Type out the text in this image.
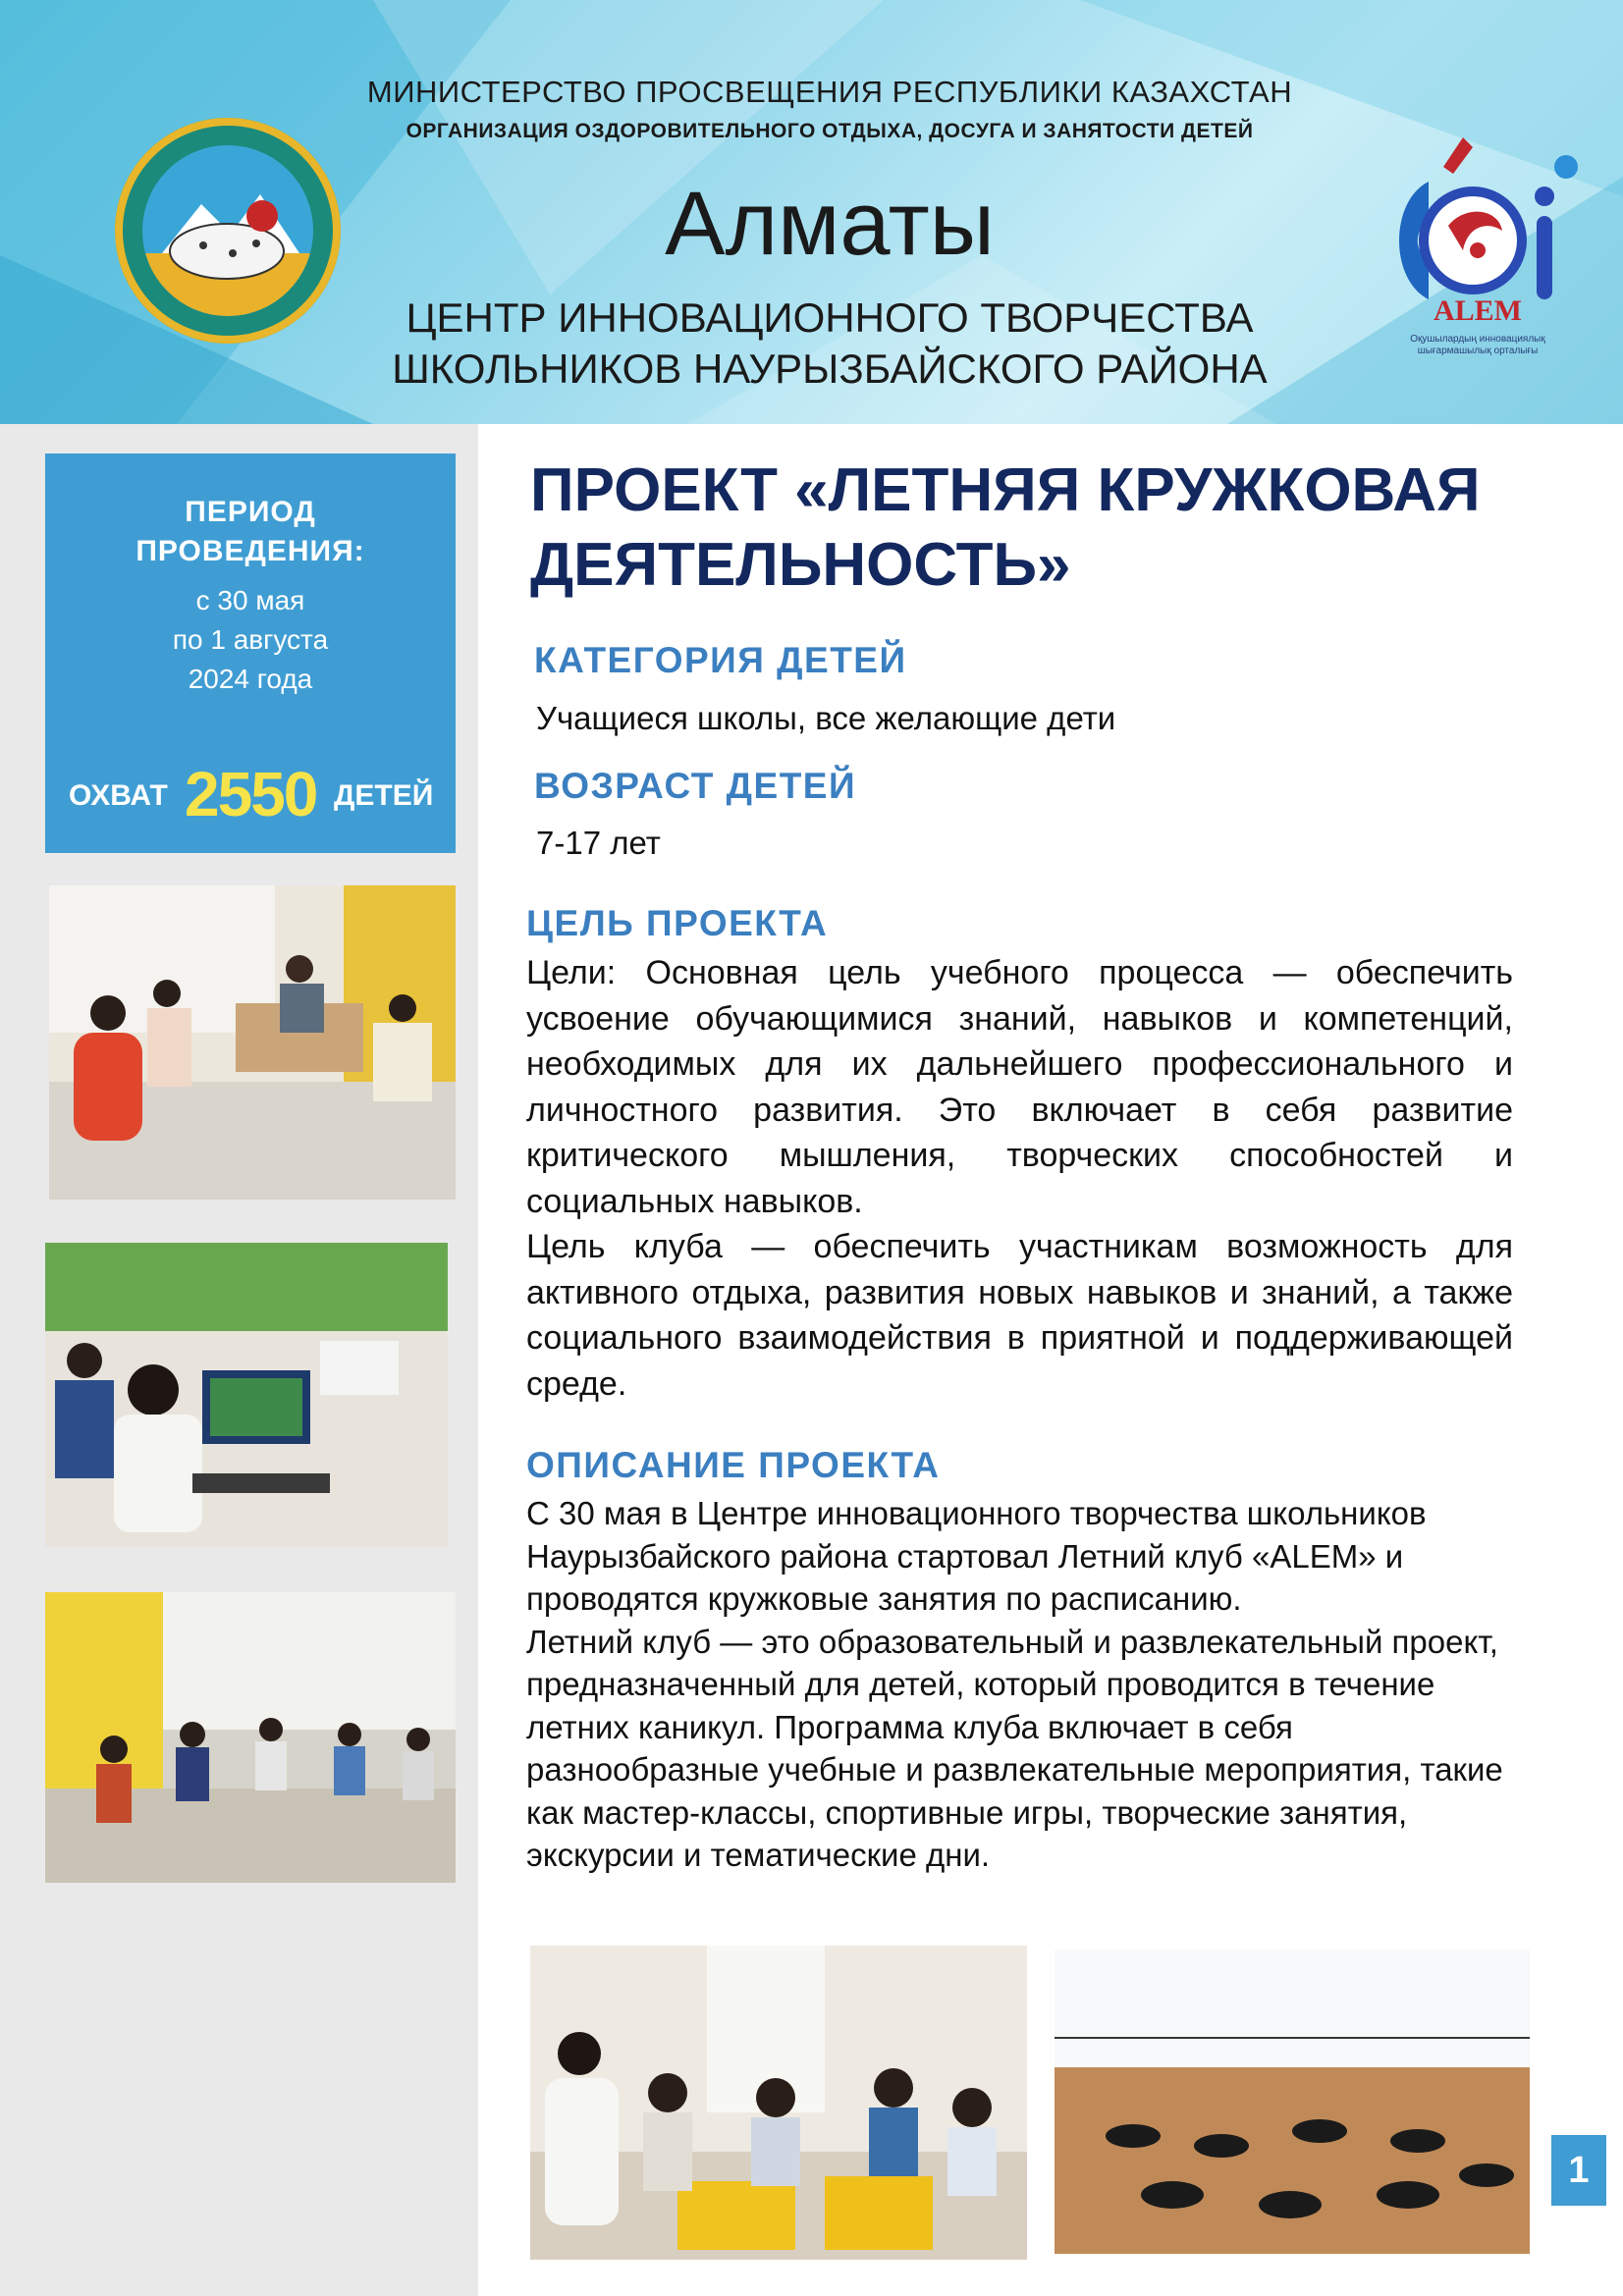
МИНИСТЕРСТВО ПРОСВЕЩЕНИЯ РЕСПУБЛИКИ КАЗАХСТАН
ОРГАНИЗАЦИЯ ОЗДОРОВИТЕЛЬНОГО ОТДЫХА, ДОСУГА И ЗАНЯТОСТИ ДЕТЕЙ
Алматы
ЦЕНТР ИННОВАЦИОННОГО ТВОРЧЕСТВА
ШКОЛЬНИКОВ НАУРЫЗБАЙСКОГО РАЙОНА
ALEM
Оқушылардың инновациялық шығармашылық орталығы
ПЕРИОД
ПРОВЕДЕНИЯ:
с 30 мая
по 1 августа
2024 года
ОХВАТ 2550 ДЕТЕЙ
ПРОЕКТ «ЛЕТНЯЯ КРУЖКОВАЯ
ДЕЯТЕЛЬНОСТЬ»
КАТЕГОРИЯ ДЕТЕЙ
Учащиеся школы, все желающие дети
ВОЗРАСТ ДЕТЕЙ
7-17 лет
ЦЕЛЬ ПРОЕКТА

Цели: Основная цель учебного процесса — обеспечить усвоение обучающимися знаний, навыков и компетенций, необходимых для их дальнейшего профессионального и личностного развития. Это включает в себя развитие критического мышления, творческих способностей и социальных навыков.

Цель клуба — обеспечить участникам возможность для активного отдыха, развития новых навыков и знаний, а также социального взаимодействия в приятной и поддерживающей среде.

ОПИСАНИЕ ПРОЕКТА

С 30 мая в Центре инновационного творчества школьников Наурызбайского района стартовал Летний клуб «ALEM» и проводятся кружковые занятия по расписанию.

Летний клуб — это образовательный и развлекательный проект, предназначенный для детей, который проводится в течение летних каникул. Программа клуба включает в себя разнообразные учебные и развлекательные мероприятия, такие как мастер-классы, спортивные игры, творческие занятия, экскурсии и тематические дни.

1
